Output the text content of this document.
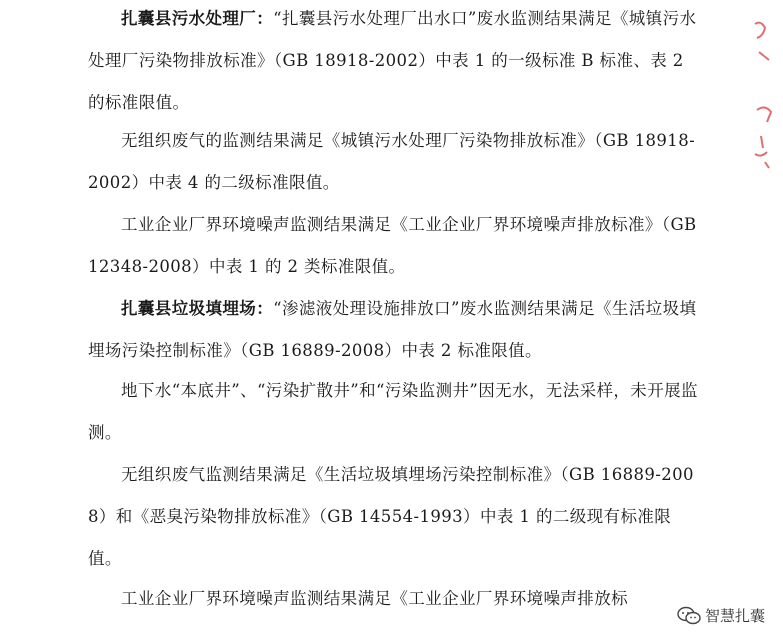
扎囊县污水处理厂：“扎囊县污水处理厂出水口”废水监测结果满足《城镇污水处理厂污染物排放标准》（GB 18918-2002）中表 1 的一级标准 B 标准、表 2 的标准限值。

无组织废气的监测结果满足《城镇污水处理厂污染物排放标准》（GB 18918-2002）中表 4 的二级标准限值。

工业企业厂界环境噪声监测结果满足《工业企业厂界环境噪声排放标准》（GB 12348-2008）中表 1 的 2 类标准限值。

扎囊县垃圾填埋场：“渗滤液处理设施排放口”废水监测结果满足《生活垃圾填埋场污染控制标准》（GB 16889-2008）中表 2 标准限值。

地下水“本底井”、“污染扩散井”和“污染监测井”因无水，无法采样，未开展监测。

无组织废气监测结果满足《生活垃圾填埋场污染控制标准》（GB 16889-2008）和《恶臭污染物排放标准》（GB 14554-1993）中表 1 的二级现有标准限值。

工业企业厂界环境噪声监测结果满足《工业企业厂界环境噪声排放标

智慧扎囊
